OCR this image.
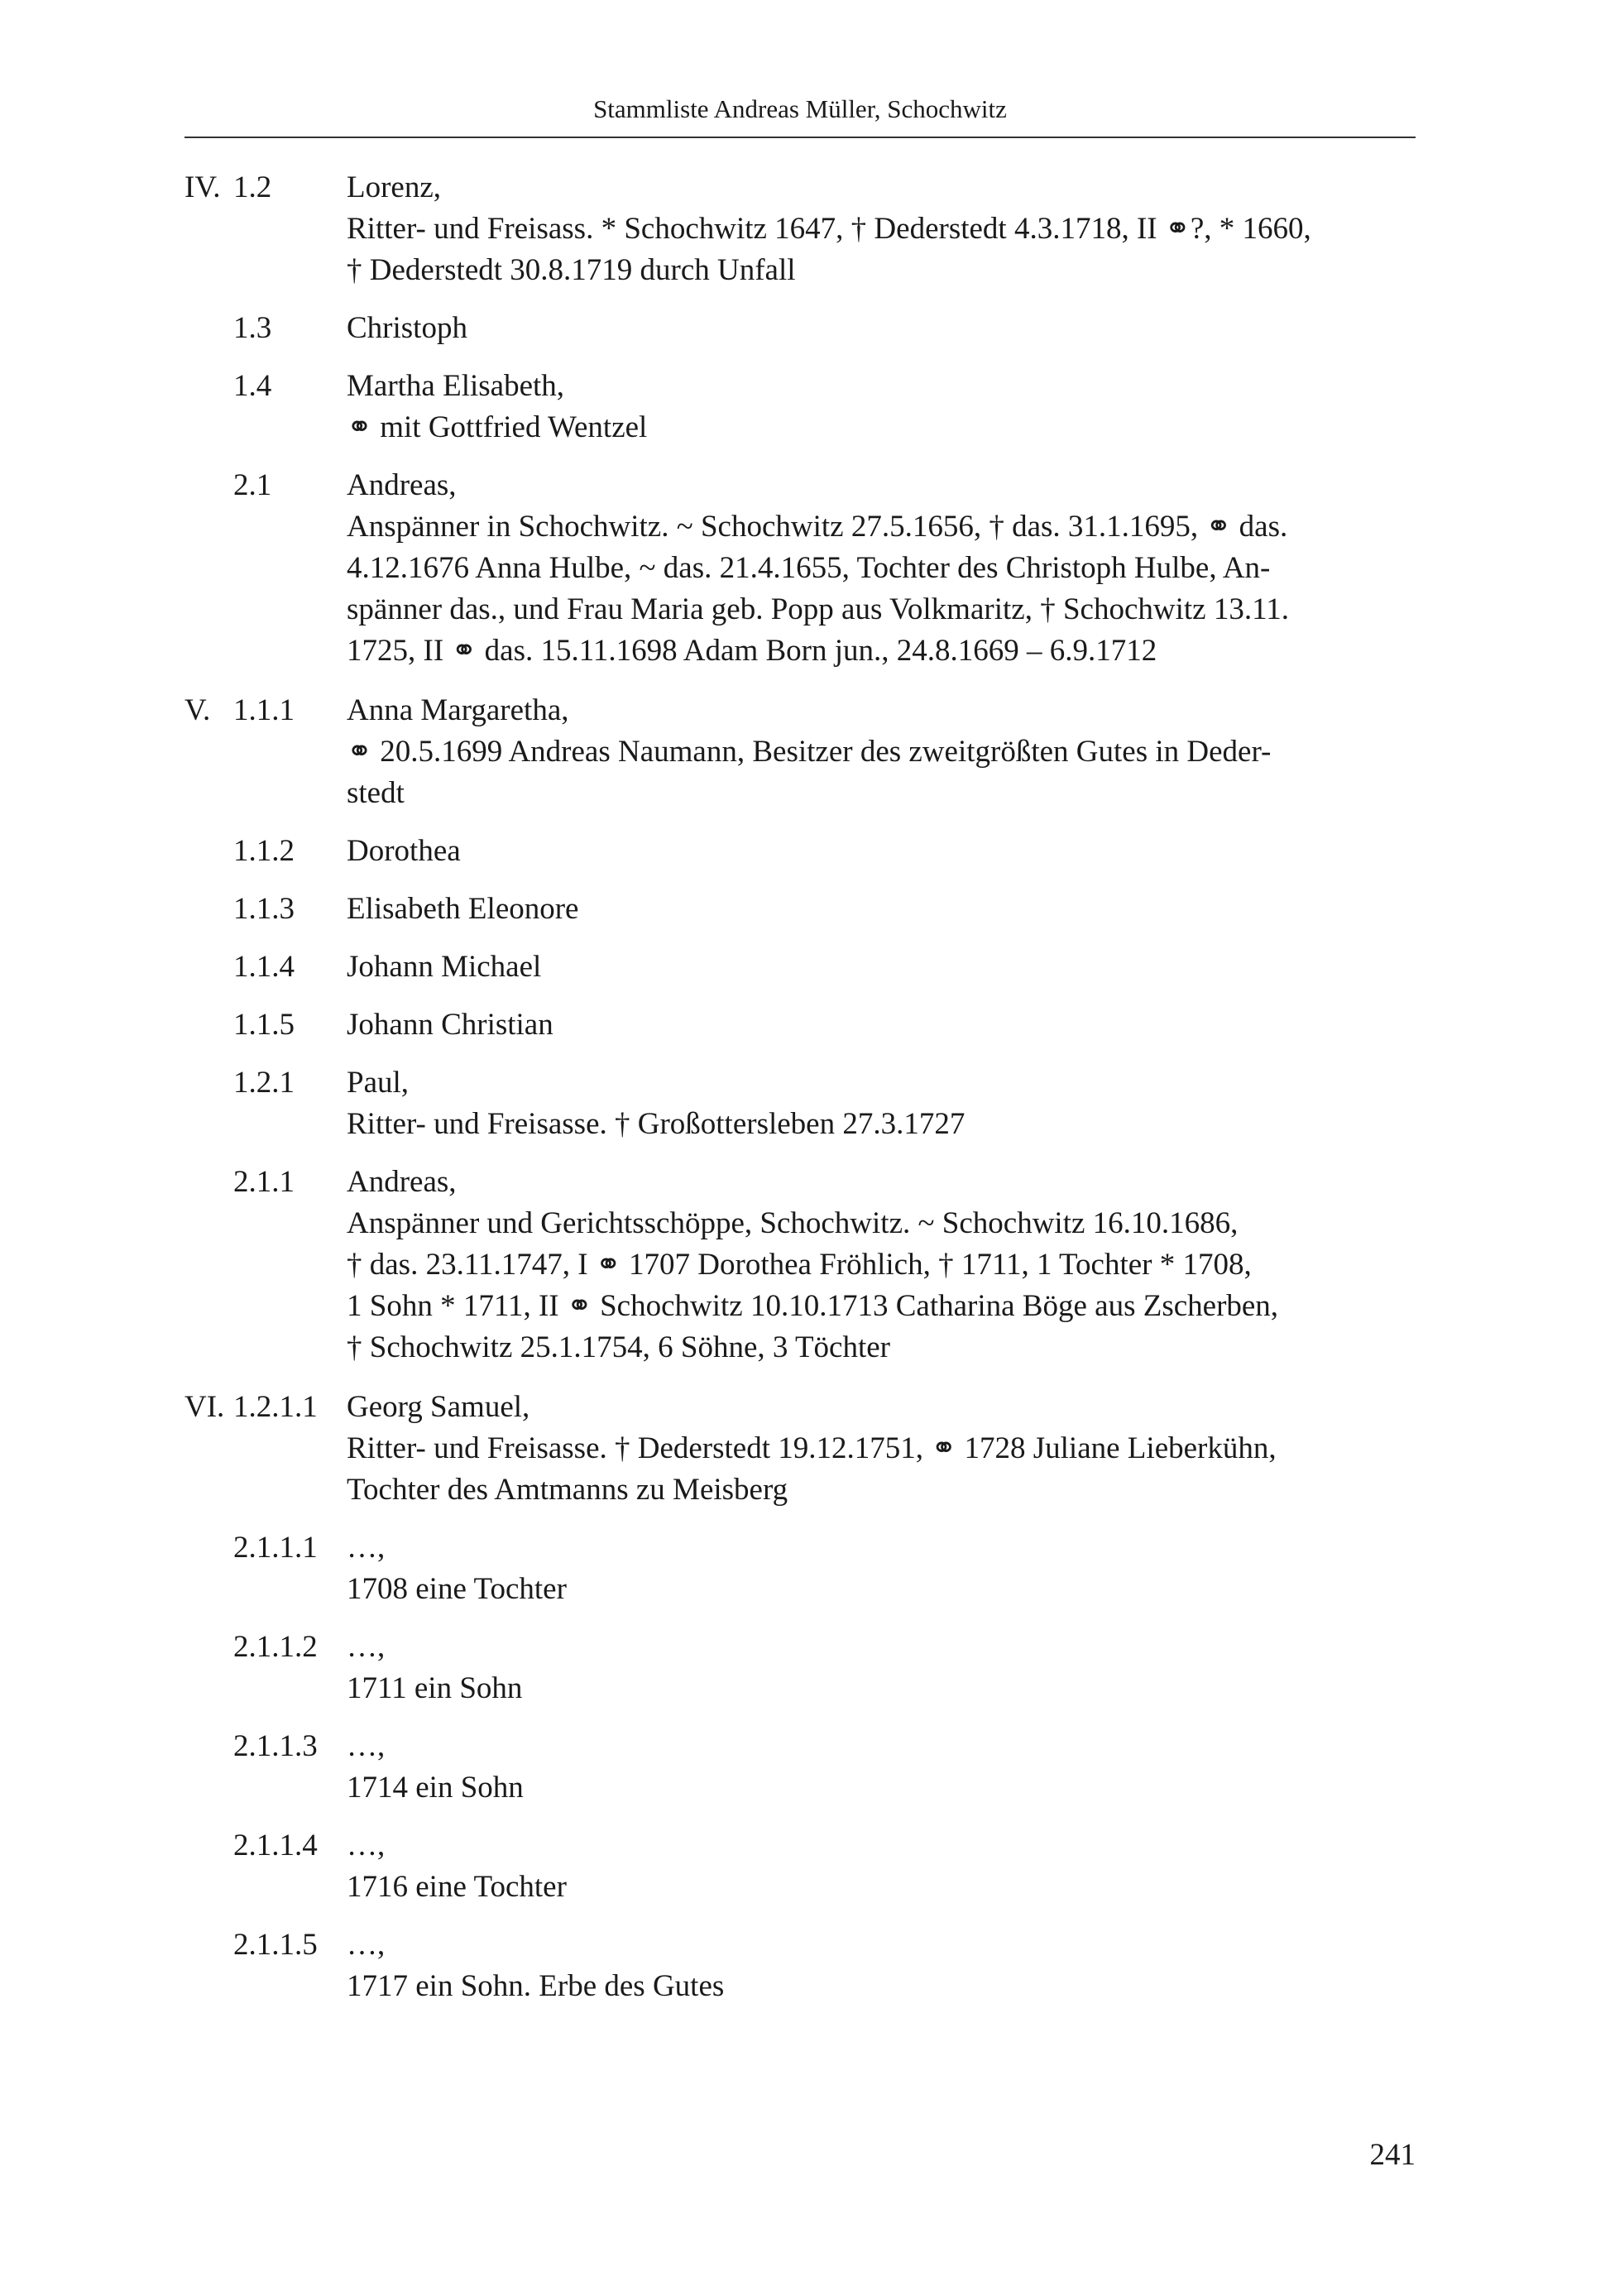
Stammliste Andreas Müller, Schochwitz
IV. 1.2 Lorenz,
Ritter- und Freisass. * Schochwitz 1647, † Dederstedt 4.3.1718, II ⚭?, * 1660,
† Dederstedt 30.8.1719 durch Unfall
1.3 Christoph
1.4 Martha Elisabeth,
⚭ mit Gottfried Wentzel
2.1 Andreas,
Anspänner in Schochwitz. ~ Schochwitz 27.5.1656, † das. 31.1.1695, ⚭ das.
4.12.1676 Anna Hulbe, ~ das. 21.4.1655, Tochter des Christoph Hulbe, An-
spänner das., und Frau Maria geb. Popp aus Volkmaritz, † Schochwitz 13.11.
1725, II ⚭ das. 15.11.1698 Adam Born jun., 24.8.1669 – 6.9.1712
V. 1.1.1 Anna Margaretha,
⚭ 20.5.1699 Andreas Naumann, Besitzer des zweitgrößten Gutes in Deder-
stedt
1.1.2 Dorothea
1.1.3 Elisabeth Eleonore
1.1.4 Johann Michael
1.1.5 Johann Christian
1.2.1 Paul,
Ritter- und Freisasse. † Großottersleben 27.3.1727
2.1.1 Andreas,
Anspänner und Gerichtsschöppe, Schochwitz. ~ Schochwitz 16.10.1686,
† das. 23.11.1747, I ⚭ 1707 Dorothea Fröhlich, † 1711, 1 Tochter * 1708,
1 Sohn * 1711, II ⚭ Schochwitz 10.10.1713 Catharina Böge aus Zscherben,
† Schochwitz 25.1.1754, 6 Söhne, 3 Töchter
VI. 1.2.1.1 Georg Samuel,
Ritter- und Freisasse. † Dederstedt 19.12.1751, ⚭ 1728 Juliane Lieberkühn,
Tochter des Amtmanns zu Meisberg
2.1.1.1 …,
1708 eine Tochter
2.1.1.2 …,
1711 ein Sohn
2.1.1.3 …,
1714 ein Sohn
2.1.1.4 …,
1716 eine Tochter
2.1.1.5 …,
1717 ein Sohn. Erbe des Gutes
241
